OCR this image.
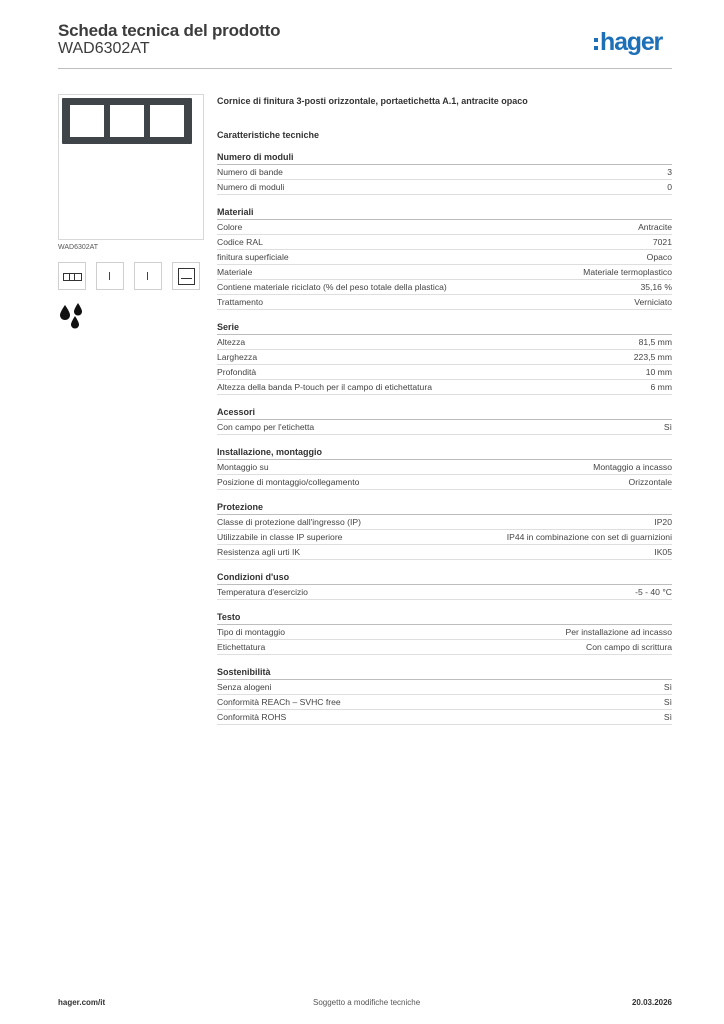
Scheda tecnica del prodotto
WAD6302AT	hager
WAD6302AT
Cornice di finitura 3-posti orizzontale, portaetichetta A.1, antracite opaco
Caratteristiche tecniche
Numero di moduli
Numero di bande	3
Numero di moduli	0
Materiali
Colore	Antracite
Codice RAL	7021
finitura superficiale	Opaco
Materiale	Materiale termoplastico
Contiene materiale riciclato (% del peso totale della plastica)	35,16 %
Trattamento	Verniciato
Serie
Altezza	81,5 mm
Larghezza	223,5 mm
Profondità	10 mm
Altezza della banda P-touch per il campo di etichettatura	6 mm
Acessori
Con campo per l'etichetta	Sì
Installazione, montaggio
Montaggio su	Montaggio a incasso
Posizione di montaggio/collegamento	Orizzontale
Protezione
Classe di protezione dall'ingresso (IP)	IP20
Utilizzabile in classe IP superiore	IP44 in combinazione con set di guarnizioni
Resistenza agli urti IK	IK05
Condizioni d'uso
Temperatura d'esercizio	-5 - 40 °C
Testo
Tipo di montaggio	Per installazione ad incasso
Etichettatura	Con campo di scrittura
Sostenibilità
Senza alogeni	Sì
Conformità REACh – SVHC free	Sì
Conformità ROHS	Sì
hager.com/it	Soggetto a modifiche tecniche	20.03.2026
